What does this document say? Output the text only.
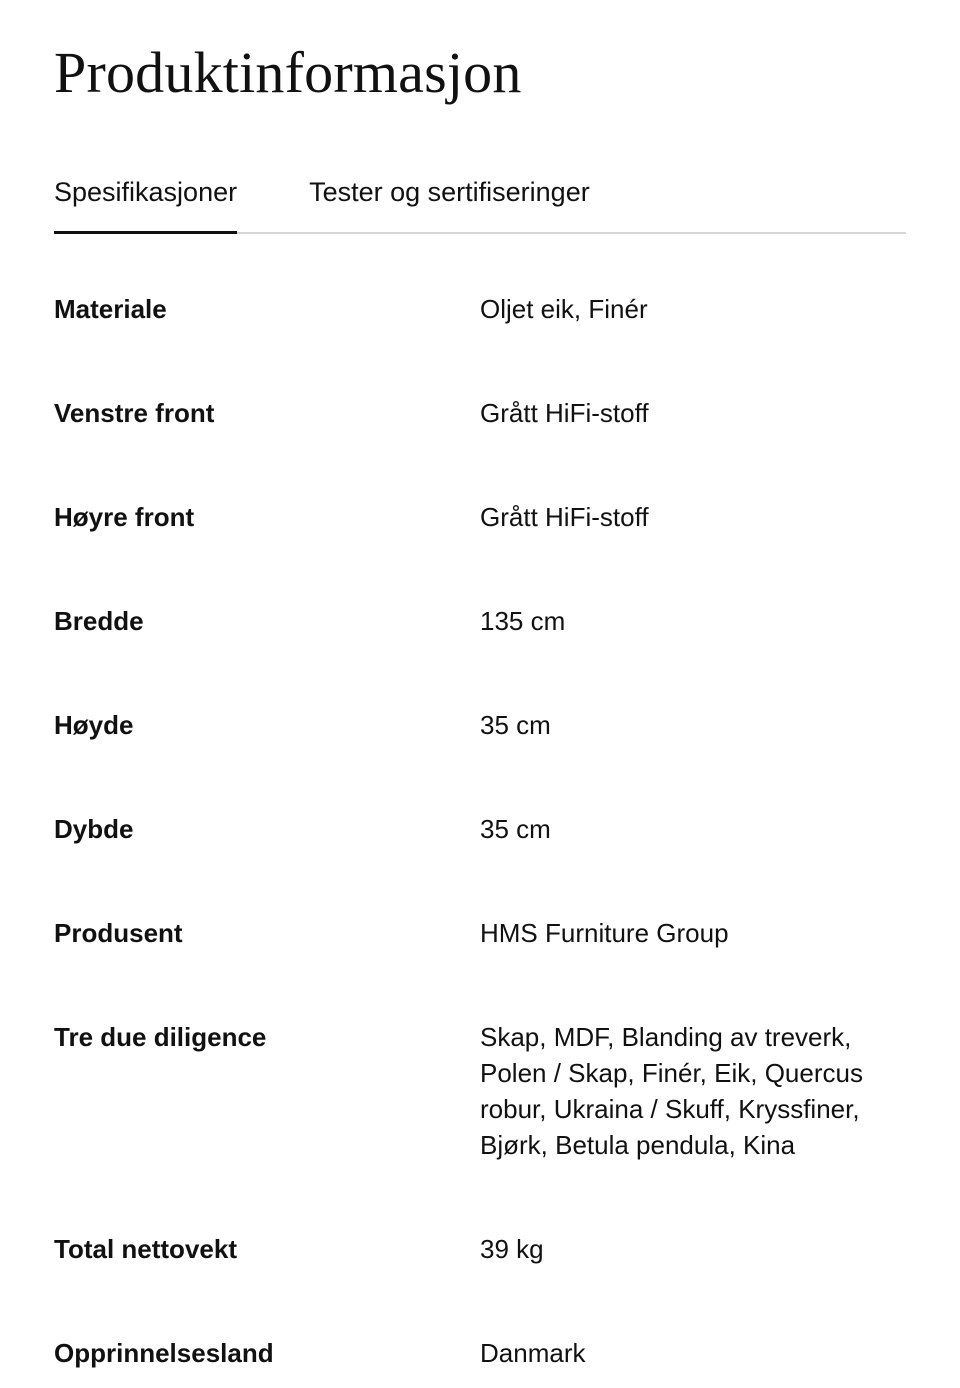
Produktinformasjon
Spesifikasjoner	Tester og sertifiseringer
Materiale	Oljet eik, Finér
Venstre front	Grått HiFi-stoff
Høyre front	Grått HiFi-stoff
Bredde	135 cm
Høyde	35 cm
Dybde	35 cm
Produsent	HMS Furniture Group
Tre due diligence	Skap, MDF, Blanding av treverk, Polen / Skap, Finér, Eik, Quercus robur, Ukraina / Skuff, Kryssfiner, Bjørk, Betula pendula, Kina
Total nettovekt	39 kg
Opprinnelsesland	Danmark
